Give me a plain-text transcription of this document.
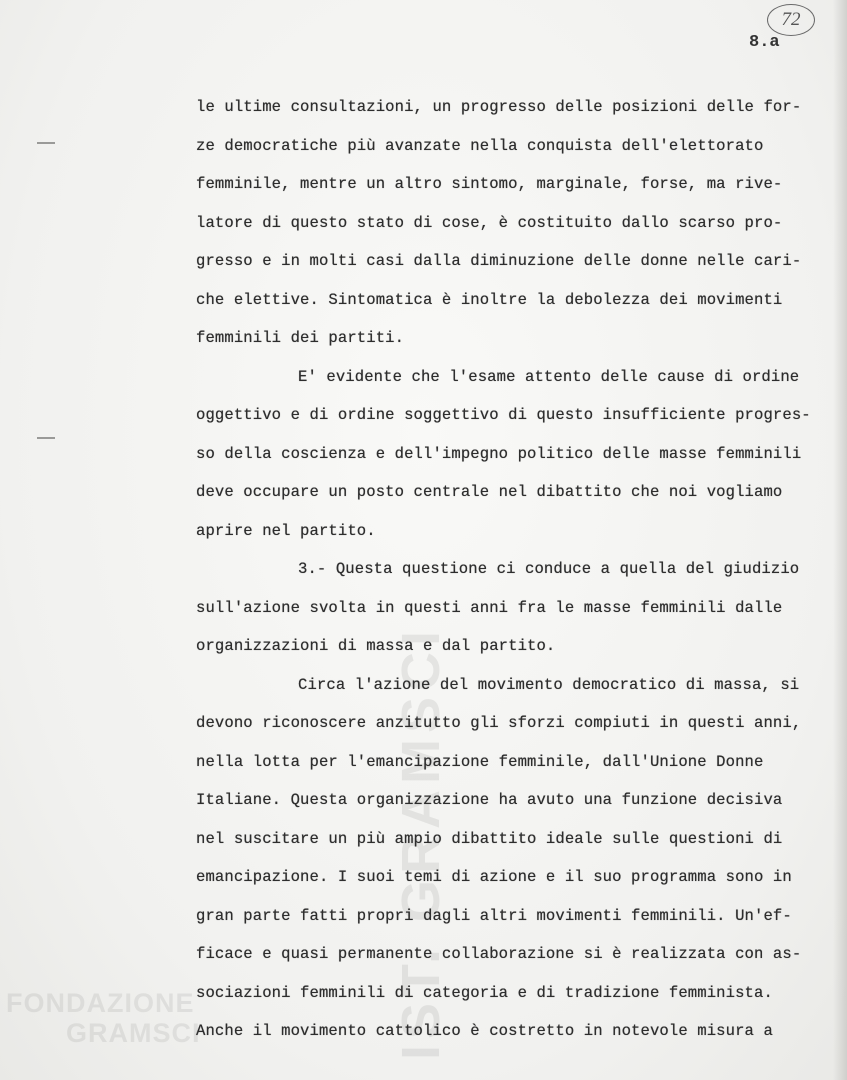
IST. GRAMSCI
72
8.a
le ultime consultazioni, un progresso delle posizioni delle for-
ze democratiche più avanzate nella conquista dell'elettorato
femminile, mentre un altro sintomo, marginale, forse, ma rive-
latore di questo stato di cose, è costituito dallo scarso pro-
gresso e in molti casi dalla diminuzione delle donne nelle cari-
che elettive. Sintomatica è inoltre la debolezza dei movimenti
femminili dei partiti.
E' evidente che l'esame attento delle cause di ordine
oggettivo e di ordine soggettivo di questo insufficiente progres-
so della coscienza e dell'impegno politico delle masse femminili
deve occupare un posto centrale nel dibattito che noi vogliamo
aprire nel partito.
3.- Questa questione ci conduce a quella del giudizio
sull'azione svolta in questi anni fra le masse femminili dalle
organizzazioni di massa e dal partito.
Circa l'azione del movimento democratico di massa, si
devono riconoscere anzitutto gli sforzi compiuti in questi anni,
nella lotta per l'emancipazione femminile, dall'Unione Donne
Italiane. Questa organizzazione ha avuto una funzione decisiva
nel suscitare un più ampio dibattito ideale sulle questioni di
emancipazione. I suoi temi di azione e il suo programma sono in
gran parte fatti propri dagli altri movimenti femminili. Un'ef-
ficace e quasi permanente collaborazione si è realizzata con as-
sociazioni femminili di categoria e di tradizione femminista.
Anche il movimento cattolico è costretto in notevole misura a
FONDAZIONE
GRAMSCI
